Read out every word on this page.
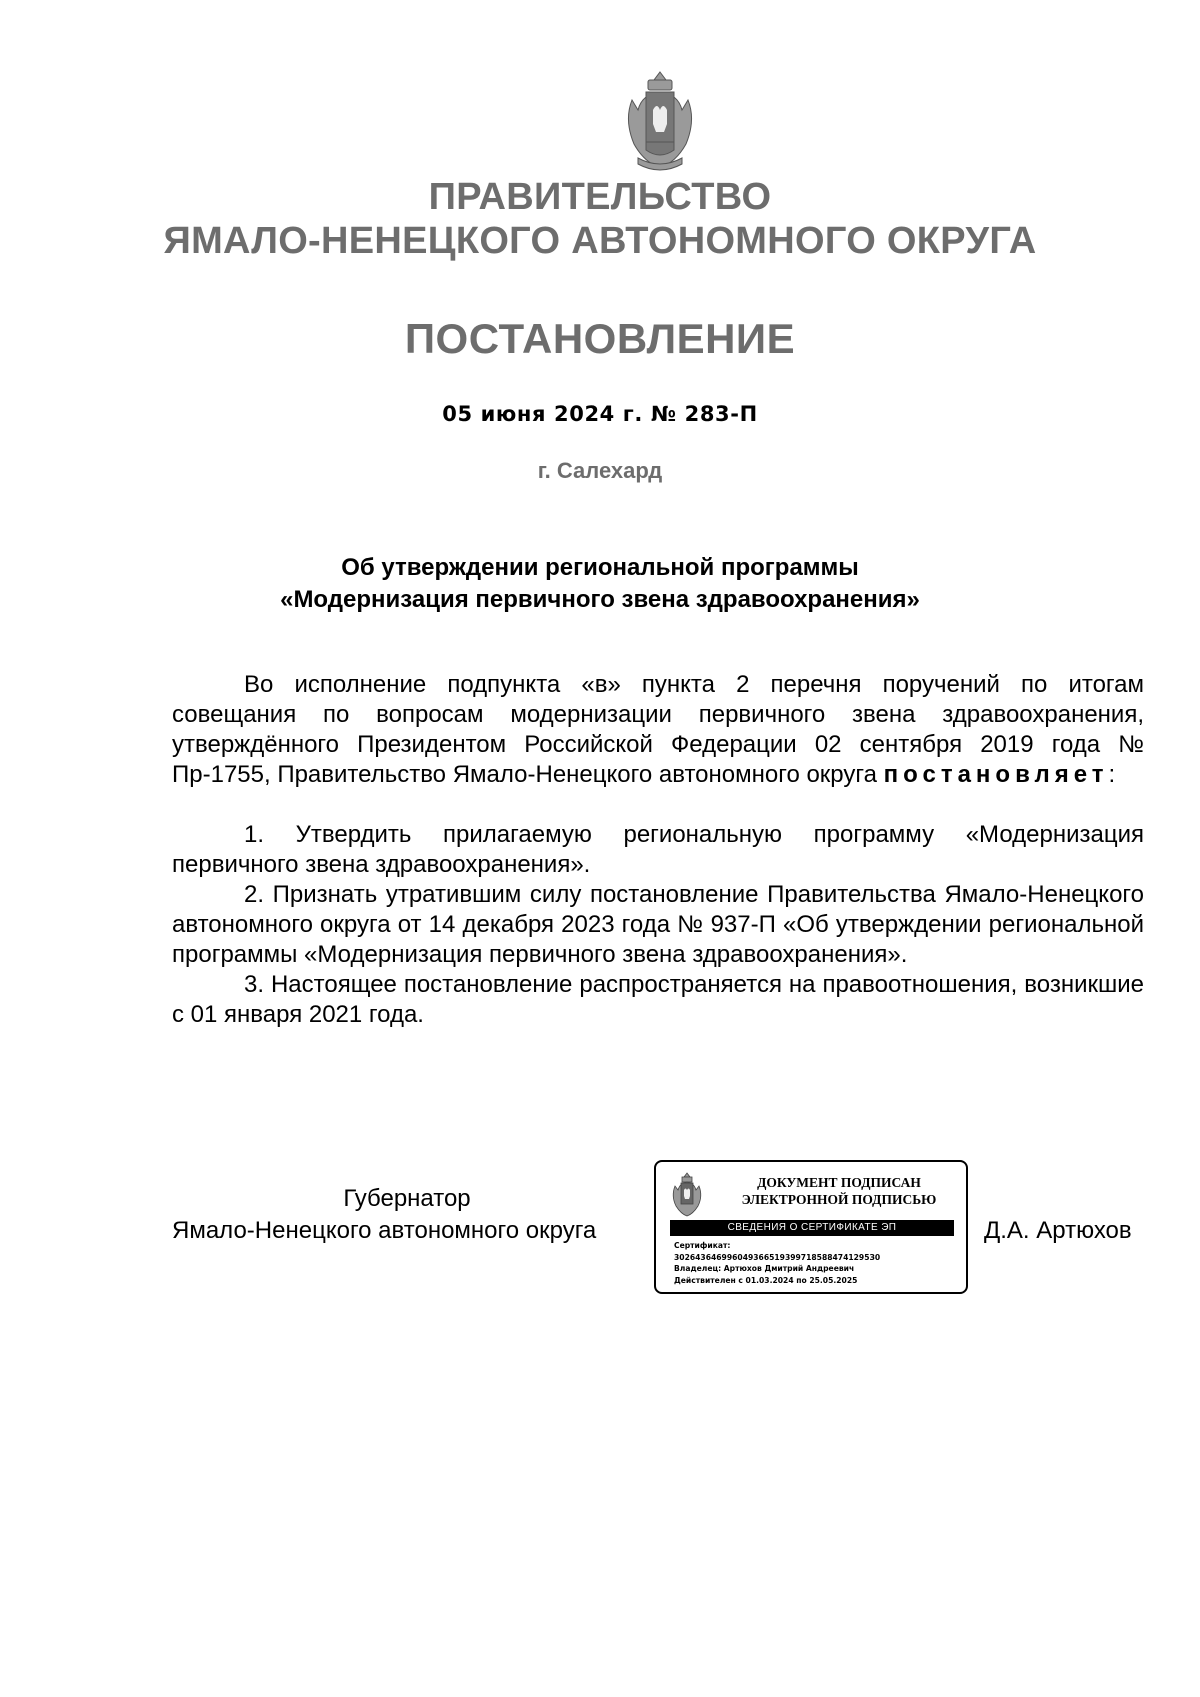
ПРАВИТЕЛЬСТВО
ЯМАЛО-НЕНЕЦКОГО АВТОНОМНОГО ОКРУГА
ПОСТАНОВЛЕНИЕ
05 июня 2024 г. № 283-П
г. Салехард
Об утверждении региональной программы
«Модернизация первичного звена здравоохранения»

Во исполнение подпункта «в» пункта 2 перечня поручений по итогам совещания по вопросам модернизации первичного звена здравоохранения, утверждённого Президентом Российской Федерации 02 сентября 2019 года № Пр-1755, Правительство Ямало-Ненецкого автономного округа постановляет:

1. Утвердить прилагаемую региональную программу «Модернизация первичного звена здравоохранения».

2. Признать утратившим силу постановление Правительства Ямало-Ненецкого автономного округа от 14 декабря 2023 года № 937-П «Об утверждении региональной программы «Модернизация первичного звена здравоохранения».

3. Настоящее постановление распространяется на правоотношения, возникшие с 01 января 2021 года.

Губернатор
Ямало-Ненецкого автономного округа
ДОКУМЕНТ ПОДПИСАН
ЭЛЕКТРОННОЙ ПОДПИСЬЮ
СВЕДЕНИЯ О СЕРТИФИКАТЕ ЭП
Сертификат:
3026436469960493665193997185884741295З0
Владелец: Артюхов Дмитрий Андреевич
Действителен с 01.03.2024 по 25.05.2025
Д.А. Артюхов
